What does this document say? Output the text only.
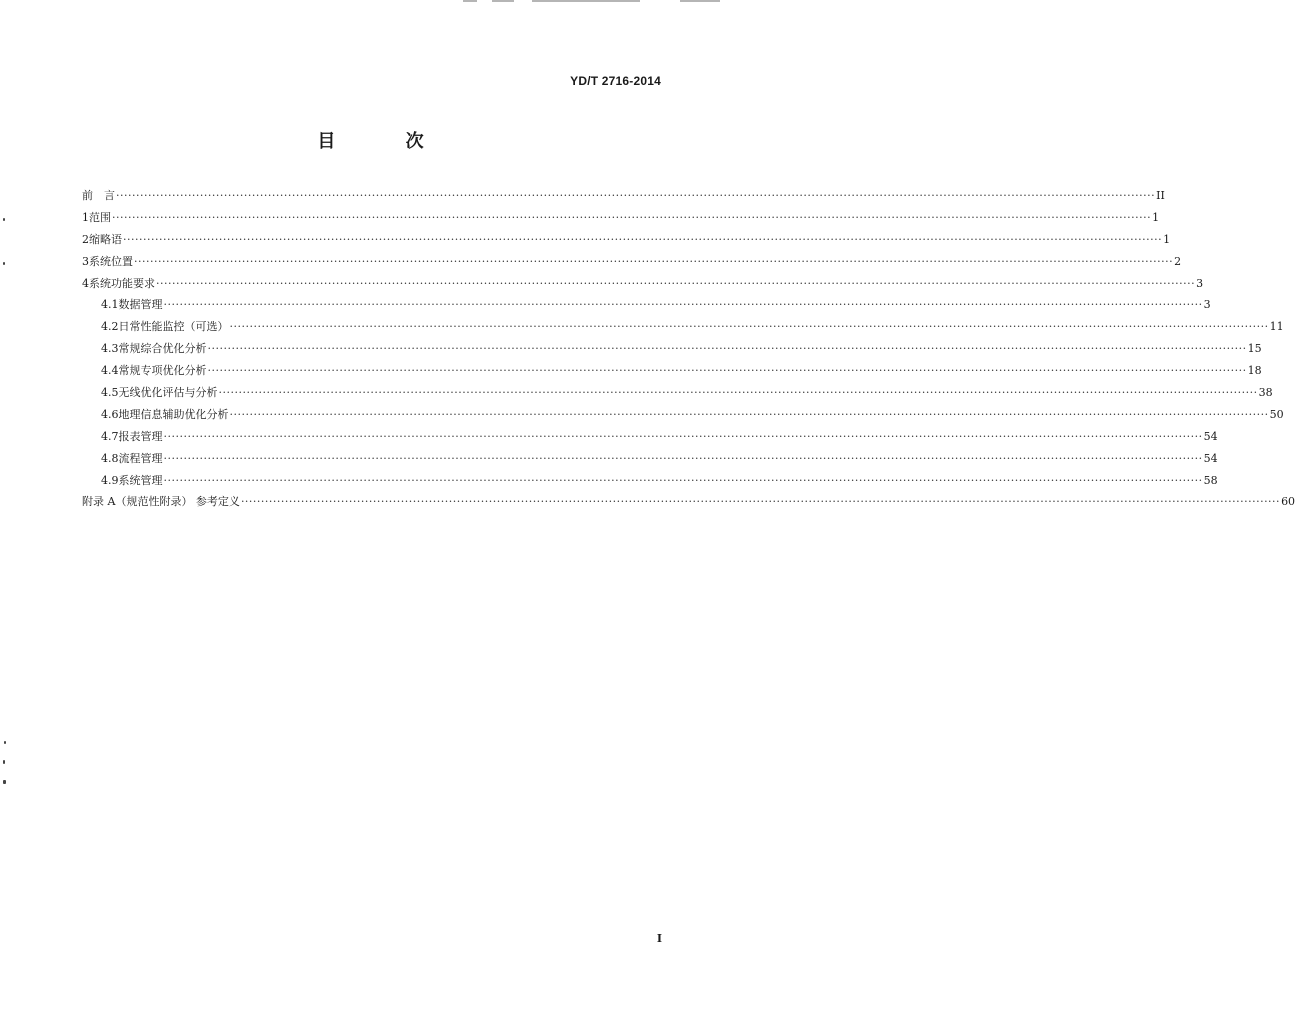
YD/T 2716-2014
目 次
前　言 ···································································································································································································································································· II
1 范围 ···································································································································································································································································· 1
2 缩略语 ···································································································································································································································································· 1
3 系统位置 ···································································································································································································································································· 2
4 系统功能要求 ···································································································································································································································································· 3
4.1 数据管理 ···································································································································································································································································· 3
4.2 日常性能监控（可选） ···································································································································································································································································· 11
4.3 常规综合优化分析 ···································································································································································································································································· 15
4.4 常规专项优化分析 ···································································································································································································································································· 18
4.5 无线优化评估与分析 ···································································································································································································································································· 38
4.6 地理信息辅助优化分析 ···································································································································································································································································· 50
4.7 报表管理 ···································································································································································································································································· 54
4.8 流程管理 ···································································································································································································································································· 54
4.9 系统管理 ···································································································································································································································································· 58
附录 A（规范性附录） 参考定义 ···································································································································································································································································· 60
I
